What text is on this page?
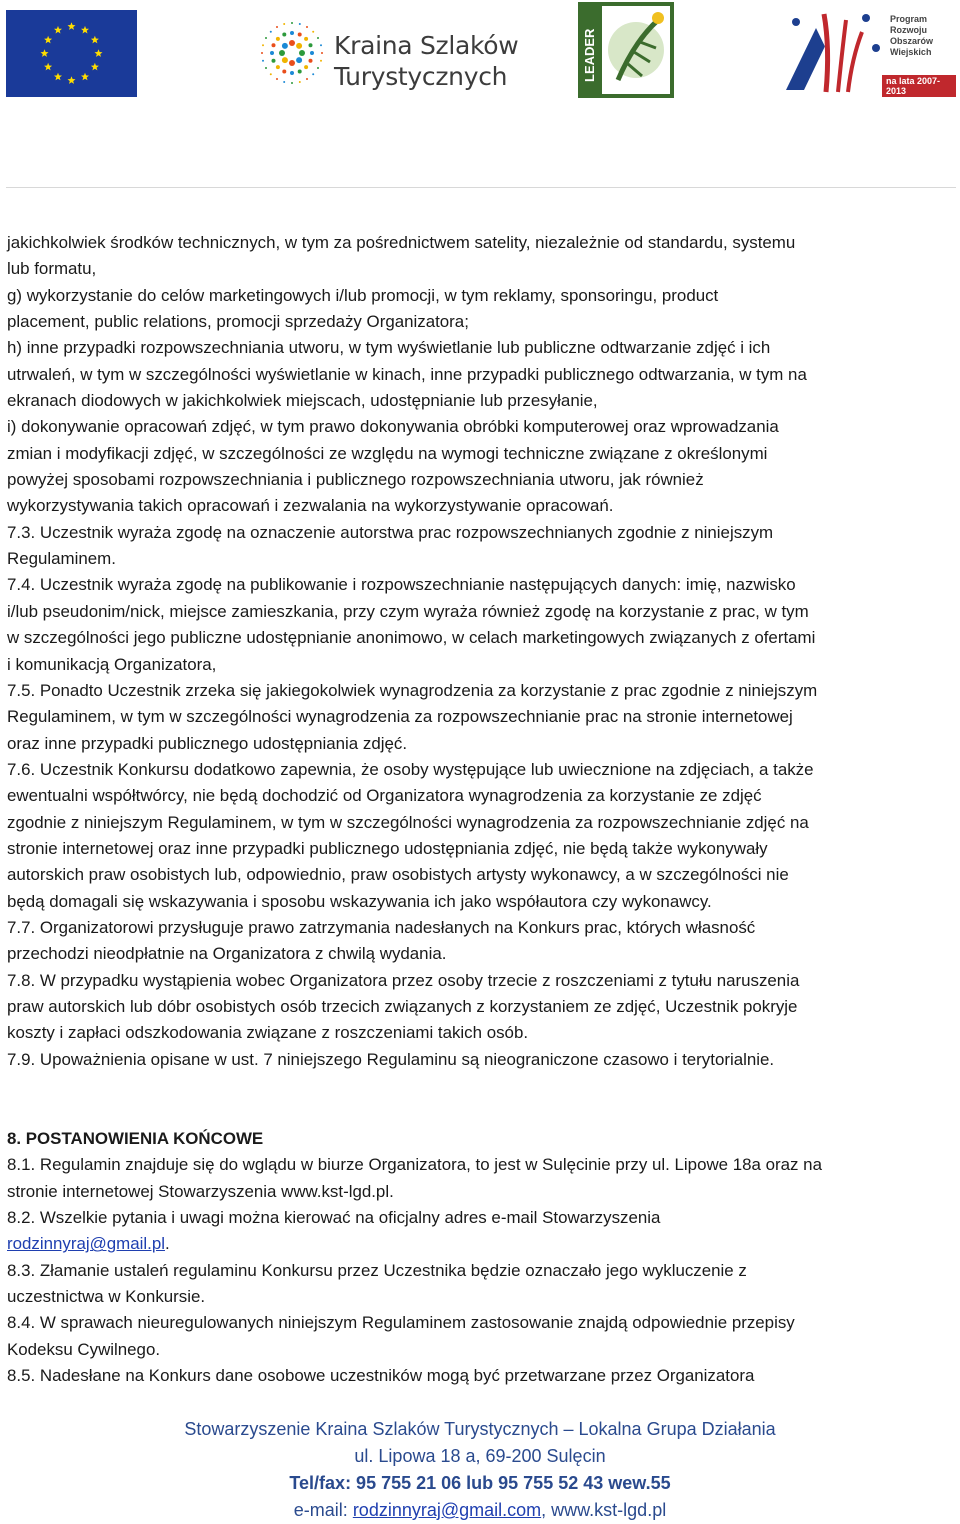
Kraina Szlaków
Turystycznych	LEADER
Program
Rozwoju
Obszarów
Wiejskich
na lata 2007-2013

jakichkolwiek środków technicznych, w tym za pośrednictwem satelity, niezależnie od standardu, systemu

lub formatu,

g) wykorzystanie do celów marketingowych i/lub promocji, w tym reklamy, sponsoringu, product

placement, public relations, promocji sprzedaży Organizatora;

h) inne przypadki rozpowszechniania utworu, w tym wyświetlanie lub publiczne odtwarzanie zdjęć i ich

utrwaleń, w tym w szczególności wyświetlanie w kinach, inne przypadki publicznego odtwarzania, w tym na

ekranach diodowych w jakichkolwiek miejscach, udostępnianie lub przesyłanie,

i) dokonywanie opracowań zdjęć, w tym prawo dokonywania obróbki komputerowej oraz wprowadzania

zmian i modyfikacji zdjęć, w szczególności ze względu na wymogi techniczne związane z określonymi

powyżej sposobami rozpowszechniania i publicznego rozpowszechniania utworu, jak również

wykorzystywania takich opracowań i zezwalania na wykorzystywanie opracowań.

7.3. Uczestnik wyraża zgodę na oznaczenie autorstwa prac rozpowszechnianych zgodnie z niniejszym

Regulaminem.

7.4. Uczestnik wyraża zgodę na publikowanie i rozpowszechnianie następujących danych: imię, nazwisko

i/lub pseudonim/nick, miejsce zamieszkania, przy czym wyraża również zgodę na korzystanie z prac, w tym

w szczególności jego publiczne udostępnianie anonimowo, w celach marketingowych związanych z ofertami

i komunikacją Organizatora,

7.5. Ponadto Uczestnik zrzeka się jakiegokolwiek wynagrodzenia za korzystanie z prac zgodnie z niniejszym

Regulaminem, w tym w szczególności wynagrodzenia za rozpowszechnianie prac na stronie internetowej

oraz inne przypadki publicznego udostępniania zdjęć.

7.6. Uczestnik Konkursu dodatkowo zapewnia, że osoby występujące lub uwiecznione na zdjęciach, a także

ewentualni współtwórcy, nie będą dochodzić od Organizatora wynagrodzenia za korzystanie ze zdjęć

zgodnie z niniejszym Regulaminem, w tym w szczególności wynagrodzenia za rozpowszechnianie zdjęć na

stronie internetowej oraz inne przypadki publicznego udostępniania zdjęć, nie będą także wykonywały

autorskich praw osobistych lub, odpowiednio, praw osobistych artysty wykonawcy, a w szczególności nie

będą domagali się wskazywania i sposobu wskazywania ich jako współautora czy wykonawcy.

7.7. Organizatorowi przysługuje prawo zatrzymania nadesłanych na Konkurs prac, których własność

przechodzi nieodpłatnie na Organizatora z chwilą wydania.

7.8. W przypadku wystąpienia wobec Organizatora przez osoby trzecie z roszczeniami z tytułu naruszenia

praw autorskich lub dóbr osobistych osób trzecich związanych z korzystaniem ze zdjęć, Uczestnik pokryje

koszty i zapłaci odszkodowania związane z roszczeniami takich osób.

7.9. Upoważnienia opisane w ust. 7 niniejszego Regulaminu są nieograniczone czasowo i terytorialnie.

8. POSTANOWIENIA KOŃCOWE

8.1. Regulamin znajduje się do wglądu w biurze Organizatora, to jest w Sulęcinie przy ul. Lipowe 18a oraz na

stronie internetowej Stowarzyszenia www.kst-lgd.pl.

8.2. Wszelkie pytania i uwagi można kierować na oficjalny adres e-mail Stowarzyszenia

rodzinnyraj@gmail.pl.

8.3. Złamanie ustaleń regulaminu Konkursu przez Uczestnika będzie oznaczało jego wykluczenie z

uczestnictwa w Konkursie.

8.4. W sprawach nieuregulowanych niniejszym Regulaminem zastosowanie znajdą odpowiednie przepisy

Kodeksu Cywilnego.

8.5. Nadesłane na Konkurs dane osobowe uczestników mogą być przetwarzane przez Organizatora

Stowarzyszenie Kraina Szlaków Turystycznych – Lokalna Grupa Działania

ul. Lipowa 18 a, 69-200 Sulęcin

Tel/fax: 95 755 21 06 lub 95 755 52 43 wew.55

e-mail: rodzinnyraj@gmail.com, www.kst-lgd.pl
